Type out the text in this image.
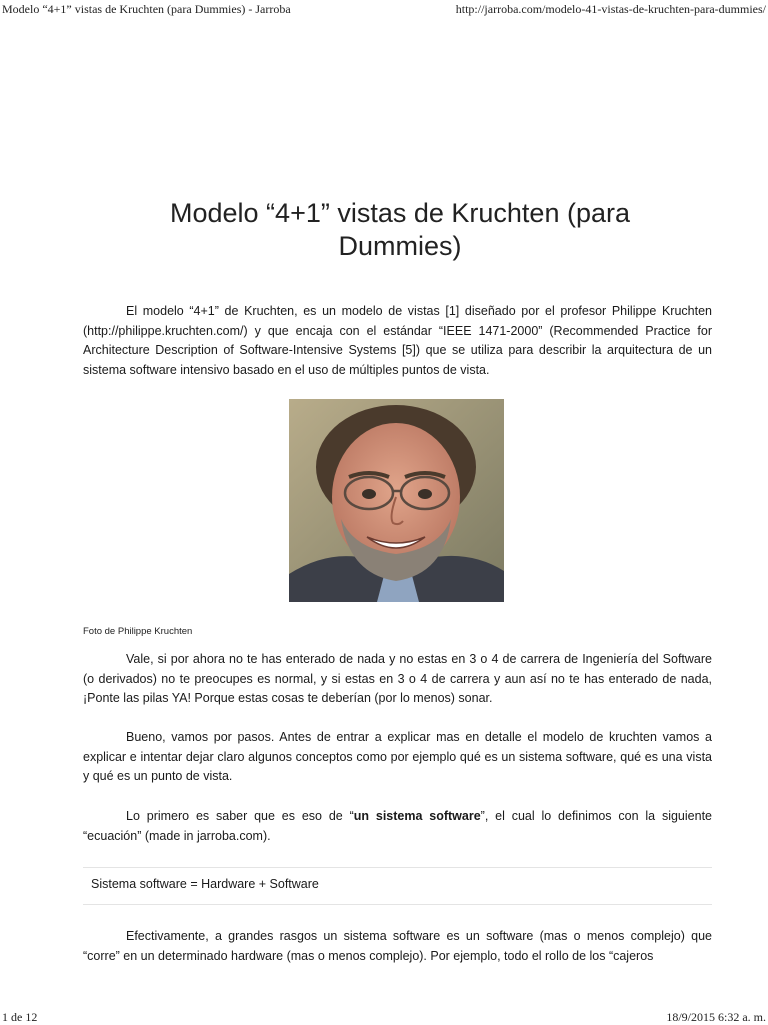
Modelo “4+1” vistas de Kruchten (para Dummies) - Jarroba	http://jarroba.com/modelo-41-vistas-de-kruchten-para-dummies/
Modelo “4+1” vistas de Kruchten (para Dummies)

El modelo “4+1” de Kruchten, es un modelo de vistas [1] diseñado por el profesor Philippe Kruchten (http://philippe.kruchten.com/) y que encaja con el estándar “IEEE 1471-2000” (Recommended Practice for Architecture Description of Software-Intensive Systems [5]) que se utiliza para describir la arquitectura de un sistema software intensivo basado en el uso de múltiples puntos de vista.

Foto de Philippe Kruchten

Vale, si por ahora no te has enterado de nada y no estas en 3 o 4 de carrera de Ingeniería del Software (o derivados) no te preocupes es normal, y si estas en 3 o 4 de carrera y aun así no te has enterado de nada, ¡Ponte las pilas YA! Porque estas cosas te deberían (por lo menos) sonar.

Bueno, vamos por pasos. Antes de entrar a explicar mas en detalle el modelo de kruchten vamos a explicar e intentar dejar claro algunos conceptos como por ejemplo qué es un sistema software, qué es una vista y qué es un punto de vista.

Lo primero es saber que es eso de “un sistema software”, el cual lo definimos con la siguiente “ecuación” (made in jarroba.com).

Sistema software = Hardware + Software

Efectivamente, a grandes rasgos un sistema software es un software (mas o menos complejo) que “corre” en un determinado hardware (mas o menos complejo). Por ejemplo, todo el rollo de los “cajeros

1 de 12	18/9/2015 6:32 a. m.
